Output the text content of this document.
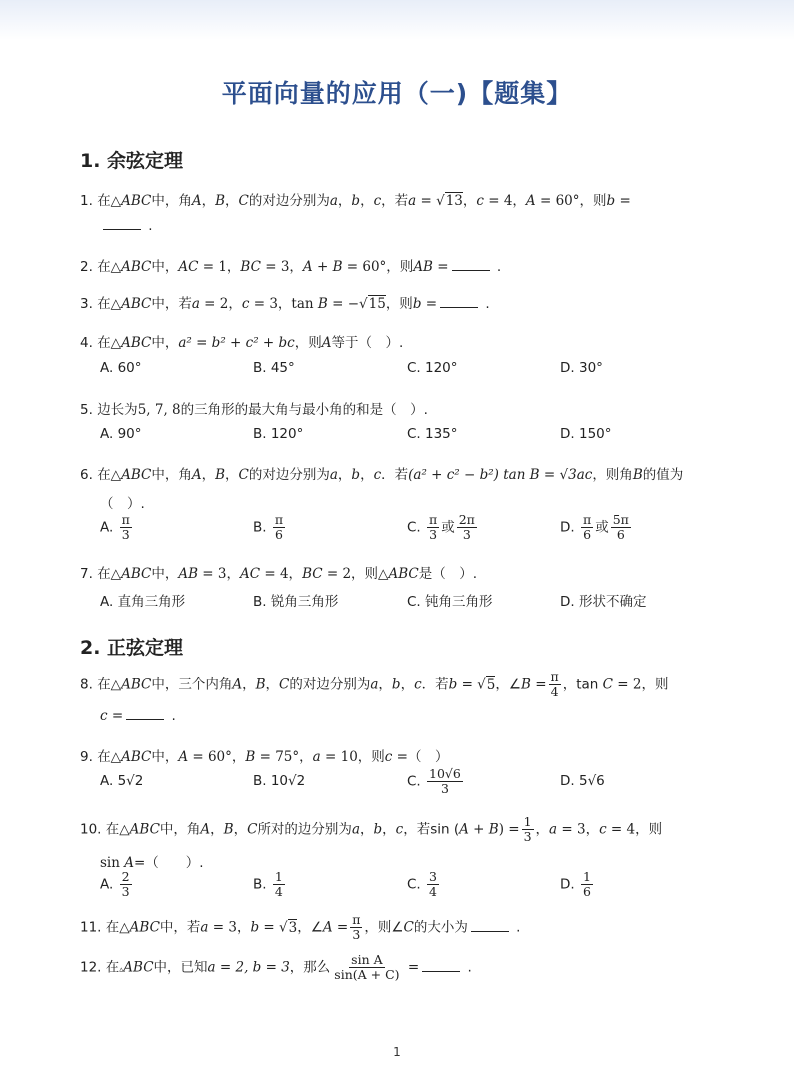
平面向量的应用（一)【题集】
1. 余弦定理
1. 在△ABC中，角A，B，C的对边分别为a，b，c，若a = √13，c = 4，A = 60°，则b =
.
2. 在△ABC中，AC = 1，BC = 3，A + B = 60°，则AB =	.
3. 在△ABC中，若a = 2，c = 3，tan B = −√15，则b =	.
4. 在△ABC中，a² = b² + c² + bc，则A等于（　）.
A. 60°	B. 45°	C. 120°	D. 30°
5. 边长为5, 7, 8的三角形的最大角与最小角的和是（　）.
A. 90°	B. 120°	C. 135°	D. 150°
6. 在△ABC中，角A，B，C的对边分别为a，b，c．若(a² + c² − b²) tan B = √3ac，则角B的值为
（　）.
A. $\frac{\pi}{3}$	B. $\frac{\pi}{6}$	C. $\frac{\pi}{3}$ 或 $\frac{2\pi}{3}$	D. $\frac{\pi}{6}$ 或 $\frac{5\pi}{6}$
7. 在△ABC中，AB = 3，AC = 4，BC = 2，则△ABC是（　）.
A. 直角三角形	B. 锐角三角形	C. 钝角三角形	D. 形状不确定
2. 正弦定理
8. 在△ABC中，三个内角A，B，C的对边分别为a，b，c．若b = √5，∠B = $\frac{\pi}{4}$ ，tan C = 2，则
c =	.
9. 在△ABC中，A = 60°，B = 75°，a = 10，则c =（　）
A. 5√2	B. 10√2	C. $\frac{10√6}{3}$	D. 5√6
10. 在△ABC中，角A，B，C所对的边分别为a，b，c，若$\sin (A + B) = \frac{1}{3}$ ，a = 3，c = 4，则
sin A=（　　）.
A. $\frac{2}{3}$	B. $\frac{1}{4}$	C. $\frac{3}{4}$	D. $\frac{1}{6}$
11. 在△ABC中，若a = 3，b = √3，∠A = $\frac{\pi}{3}$ ，则∠C的大小为	.
12. 在▵ABC中，已知a = 2, b = 3，那么 $\frac{\text{sin A}}{\sin(A + C)}$ =	.
1
